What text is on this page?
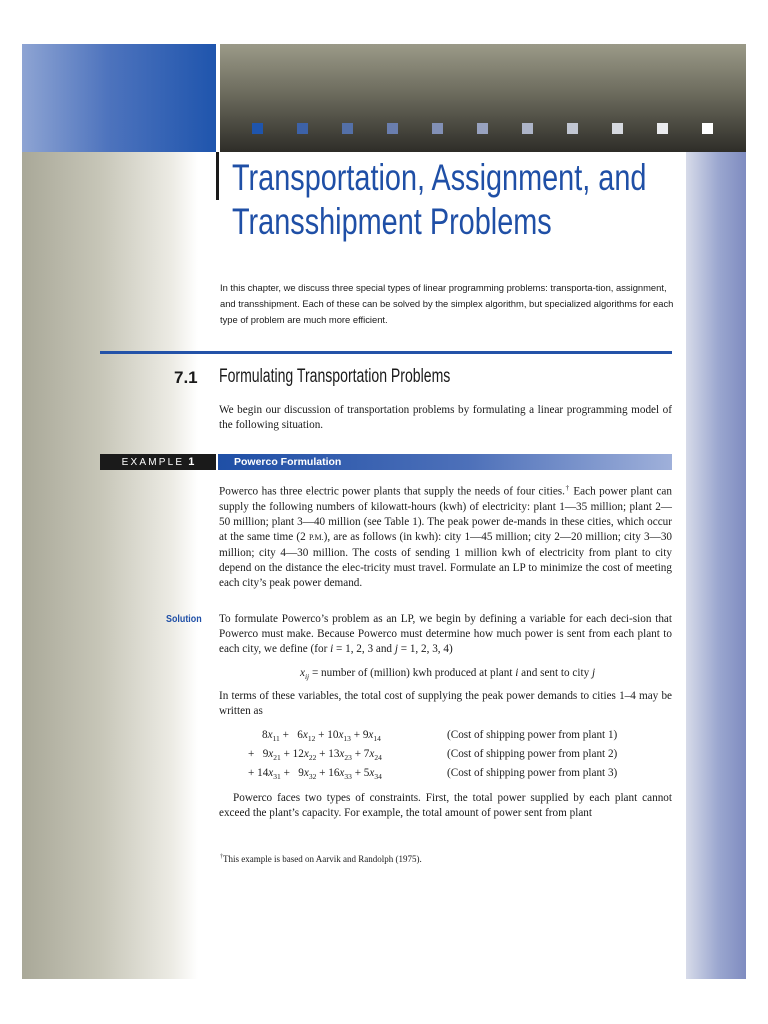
Transportation, Assignment, and
Transshipment Problems
In this chapter, we discuss three special types of linear programming problems: transporta-tion, assignment, and transshipment. Each of these can be solved by the simplex algorithm, but specialized algorithms for each type of problem are much more efficient.
7.1 Formulating Transportation Problems
We begin our discussion of transportation problems by formulating a linear programming model of the following situation.
EXAMPLE 1	Powerco Formulation
Powerco has three electric power plants that supply the needs of four cities.† Each power plant can supply the following numbers of kilowatt-hours (kwh) of electricity: plant 1—35 million; plant 2—50 million; plant 3—40 million (see Table 1). The peak power de-mands in these cities, which occur at the same time (2 P.M.), are as follows (in kwh): city 1—45 million; city 2—20 million; city 3—30 million; city 4—30 million. The costs of sending 1 million kwh of electricity from plant to city depend on the distance the elec-tricity must travel. Formulate an LP to minimize the cost of meeting each city’s peak power demand.
Solution To formulate Powerco’s problem as an LP, we begin by defining a variable for each deci-sion that Powerco must make. Because Powerco must determine how much power is sent from each plant to each city, we define (for i = 1, 2, 3 and j = 1, 2, 3, 4)
$x_{ij}$ = number of (million) kwh produced at plant i and sent to city j
In terms of these variables, the total cost of supplying the peak power demands to cities 1–4 may be written as
$8x_{11} + 6x_{12} + 10x_{13} + 9x_{14}$	(Cost of shipping power from plant 1)
+   $9x_{21} + 12x_{22} + 13x_{23} + 7x_{24}$	(Cost of shipping power from plant 2)
+ $14x_{31} + 9x_{32} + 16x_{33} + 5x_{34}$	(Cost of shipping power from plant 3)
Powerco faces two types of constraints. First, the total power supplied by each plant cannot exceed the plant’s capacity. For example, the total amount of power sent from plant
†This example is based on Aarvik and Randolph (1975).
